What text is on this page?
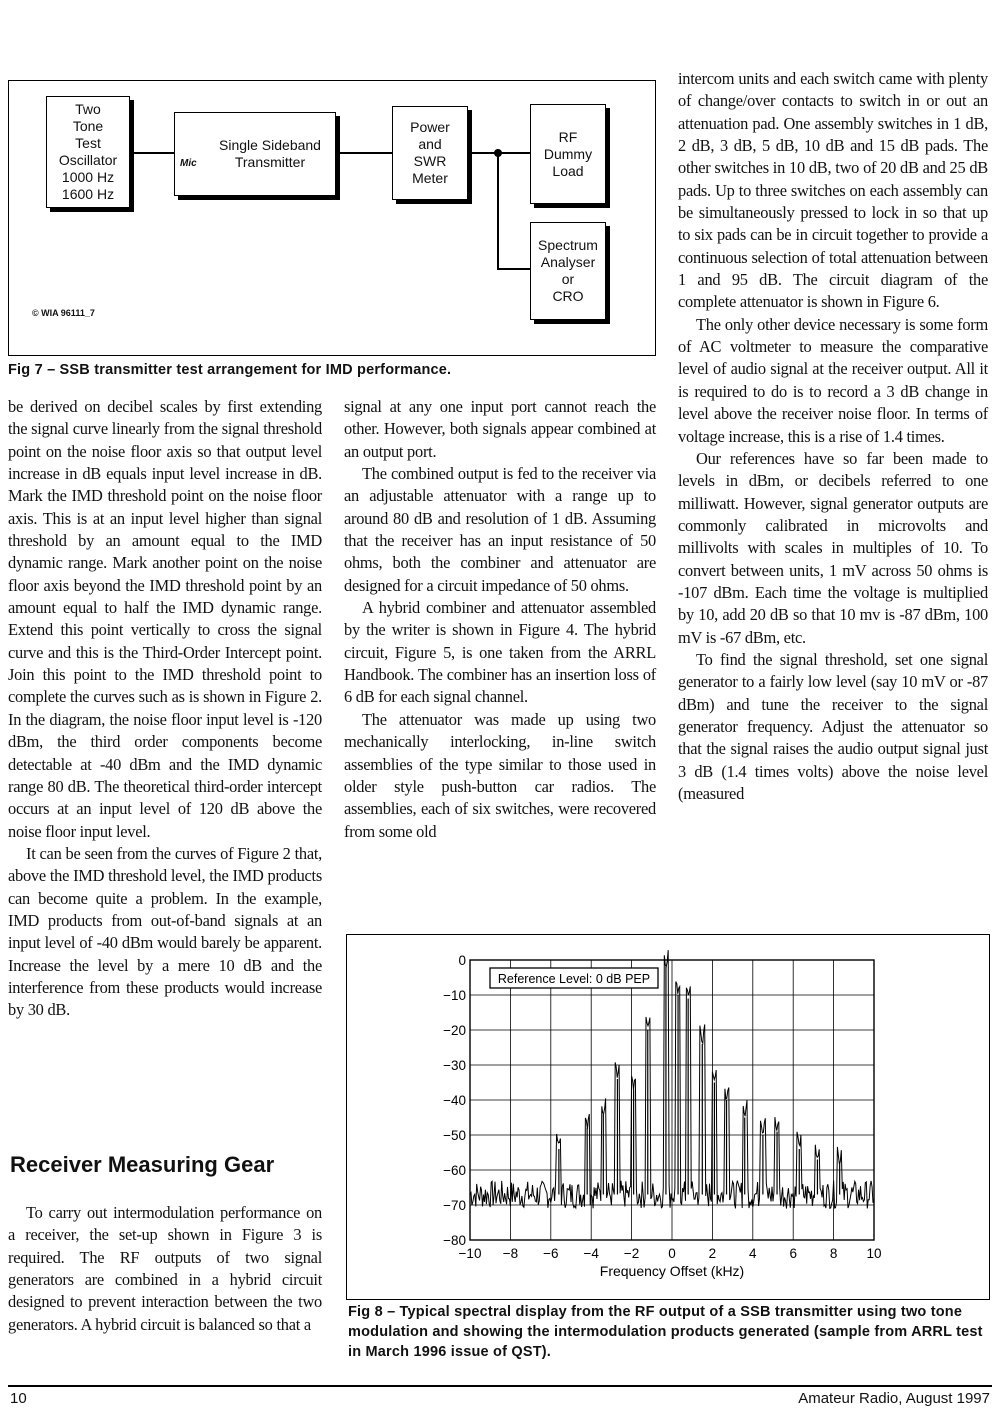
Two
Tone
Test
Oscillator
1000 Hz
1600 Hz
Single Sideband Transmitter
Mic
Power
and
SWR
Meter
RF
Dummy
Load
Spectrum
Analyser
or
CRO
© WIA 96111_7
Fig 7 – SSB transmitter test arrangement for IMD performance.

intercom units and each switch came with plenty of change/over contacts to switch in or out an attenuation pad. One assembly switches in 1 dB, 2 dB, 3 dB, 5 dB, 10 dB and 15 dB pads. The other switches in 10 dB, two of 20 dB and 25 dB pads. Up to three switches on each assembly can be simultaneously pressed to lock in so that up to six pads can be in circuit together to provide a continuous selection of total attenuation between 1 and 95 dB. The circuit diagram of the complete attenuator is shown in Figure 6.

The only other device necessary is some form of AC voltmeter to measure the comparative level of audio signal at the receiver output. All it is required to do is to record a 3 dB change in level above the receiver noise floor. In terms of voltage increase, this is a rise of 1.4 times.

Our references have so far been made to levels in dBm, or decibels referred to one milliwatt. However, signal generator outputs are commonly calibrated in microvolts and millivolts with scales in multiples of 10. To convert between units, 1 mV across 50 ohms is -107 dBm. Each time the voltage is multiplied by 10, add 20 dB so that 10 mv is -87 dBm, 100 mV is -67 dBm, etc.

To find the signal threshold, set one signal generator to a fairly low level (say 10 mV or -87 dBm) and tune the receiver to the signal generator frequency. Adjust the attenuator so that the signal raises the audio output signal just 3 dB (1.4 times volts) above the noise level (measured

be derived on decibel scales by first extending the signal curve linearly from the signal threshold point on the noise floor axis so that output level increase in dB equals input level increase in dB. Mark the IMD threshold point on the noise floor axis. This is at an input level higher than signal threshold by an amount equal to the IMD dynamic range. Mark another point on the noise floor axis beyond the IMD threshold point by an amount equal to half the IMD dynamic range. Extend this point vertically to cross the signal curve and this is the Third-Order Intercept point. Join this point to the IMD threshold point to complete the curves such as is shown in Figure 2. In the diagram, the noise floor input level is -120 dBm, the third order components become detectable at -40 dBm and the IMD dynamic range 80 dB. The theoretical third-order intercept occurs at an input level of 120 dB above the noise floor input level.

It can be seen from the curves of Figure 2 that, above the IMD threshold level, the IMD products can become quite a problem. In the example, IMD products from out-of-band signals at an input level of -40 dBm would barely be apparent. Increase the level by a mere 10 dB and the interference from these products would increase by 30 dB.

Receiver Measuring Gear

To carry out intermodulation performance on a receiver, the set-up shown in Figure 3 is required. The RF outputs of two signal generators are combined in a hybrid circuit designed to prevent interaction between the two generators. A hybrid circuit is balanced so that a

signal at any one input port cannot reach the other. However, both signals appear combined at an output port.

The combined output is fed to the receiver via an adjustable attenuator with a range up to around 80 dB and resolution of 1 dB. Assuming that the receiver has an input resistance of 50 ohms, both the combiner and attenuator are designed for a circuit impedance of 50 ohms.

A hybrid combiner and attenuator assembled by the writer is shown in Figure 4. The hybrid circuit, Figure 5, is one taken from the ARRL Handbook. The combiner has an insertion loss of 6 dB for each signal channel.

The attenuator was made up using two mechanically interlocking, in-line switch assemblies of the type similar to those used in older style push-button car radios. The assemblies, each of six switches, were recovered from some old

0
−10
−20
−30
−40
−50
−60
−70
−80
−10 −8 −6 −4 −2 0 2 4 6 8 10
Frequency Offset (kHz)
Reference Level: 0 dB PEP
Fig 8 – Typical spectral display from the RF output of a SSB transmitter using two tone modulation and showing the intermodulation products generated (sample from ARRL test in March 1996 issue of QST).
10	Amateur Radio, August 1997
